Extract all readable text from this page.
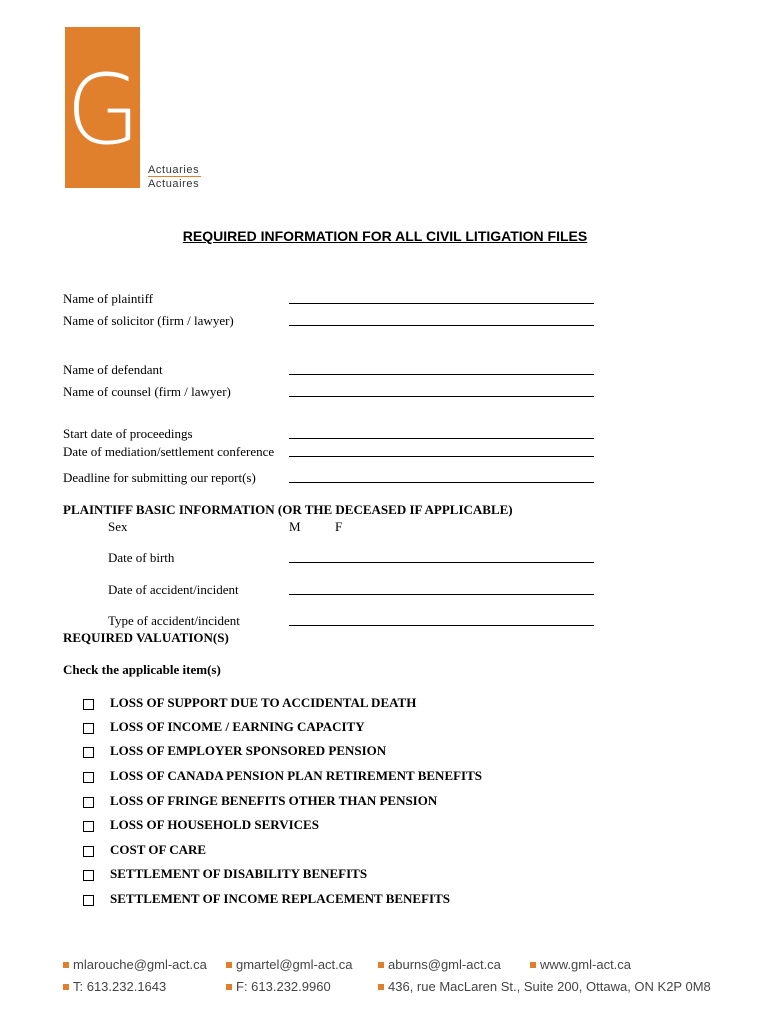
GML
Actuaries
Actuaires
REQUIRED INFORMATION FOR ALL CIVIL LITIGATION FILES
Name of plaintiff
Name of solicitor (firm / lawyer)
Name of defendant
Name of counsel (firm / lawyer)
Start date of proceedings
Date of mediation/settlement conference
Deadline for submitting our report(s)
PLAINTIFF BASIC INFORMATION (OR THE DECEASED IF APPLICABLE)
Sex	M	F
Date of birth
Date of accident/incident
Type of accident/incident
REQUIRED VALUATION(S)
Check the applicable item(s)
LOSS OF SUPPORT DUE TO ACCIDENTAL DEATH
LOSS OF INCOME / EARNING CAPACITY
LOSS OF EMPLOYER SPONSORED PENSION
LOSS OF CANADA PENSION PLAN RETIREMENT BENEFITS
LOSS OF FRINGE BENEFITS OTHER THAN PENSION
LOSS OF HOUSEHOLD SERVICES
COST OF CARE
SETTLEMENT OF DISABILITY BENEFITS
SETTLEMENT OF INCOME REPLACEMENT BENEFITS
mlarouche@gml-act.ca	gmartel@gml-act.ca	aburns@gml-act.ca	www.gml-act.ca
T: 613.232.1643	F: 613.232.9960	436, rue MacLaren St., Suite 200, Ottawa, ON K2P 0M8
